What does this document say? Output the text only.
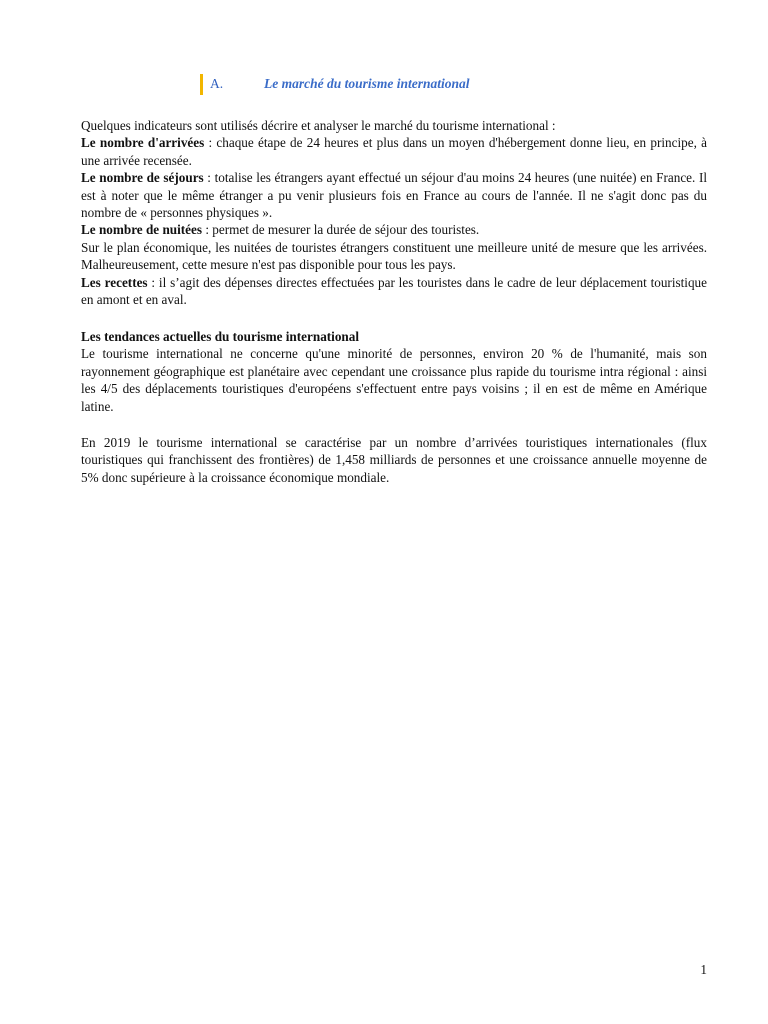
A.	Le marché du tourisme international

Quelques indicateurs sont utilisés décrire et analyser le marché du tourisme international :

Le nombre d'arrivées : chaque étape de 24 heures et plus dans un moyen d'hébergement donne lieu, en principe, à une arrivée recensée.

Le nombre de séjours : totalise les étrangers ayant effectué un séjour d'au moins 24 heures (une nuitée) en France. Il est à noter que le même étranger a pu venir plusieurs fois en France au cours de l'année. Il ne s'agit donc pas du nombre de « personnes physiques ».

Le nombre de nuitées : permet de mesurer la durée de séjour des touristes.

Sur le plan économique, les nuitées de touristes étrangers constituent une meilleure unité de mesure que les arrivées. Malheureusement, cette mesure n'est pas disponible pour tous les pays.

Les recettes : il s’agit des dépenses directes effectuées par les touristes dans le cadre de leur déplacement touristique en amont et en aval.

Les tendances actuelles du tourisme international

Le tourisme international ne concerne qu'une minorité de personnes, environ 20 % de l'humanité, mais son rayonnement géographique est planétaire avec cependant une croissance plus rapide du tourisme intra régional : ainsi les 4/5 des déplacements touristiques d'européens s'effectuent entre pays voisins ; il en est de même en Amérique latine.

En 2019 le tourisme international se caractérise par un nombre d’arrivées touristiques internationales (flux touristiques qui franchissent des frontières) de 1,458 milliards de personnes et une croissance annuelle moyenne de 5% donc supérieure à la croissance économique mondiale.

1
